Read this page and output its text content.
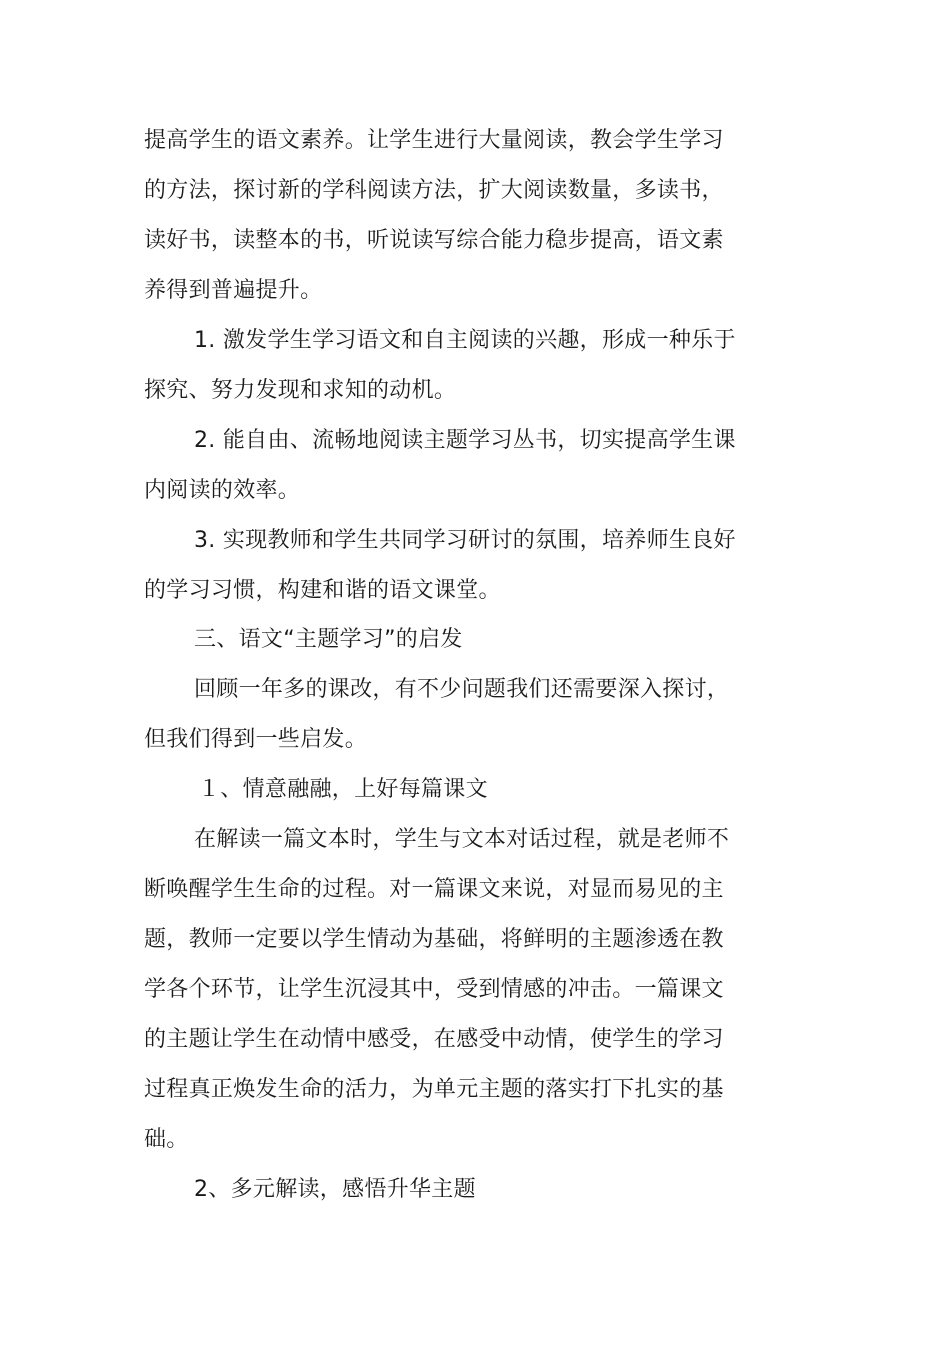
提高学生的语文素养。让学生进行大量阅读，教会学生学习
的方法，探讨新的学科阅读方法，扩大阅读数量，多读书，
读好书，读整本的书，听说读写综合能力稳步提高，语文素
养得到普遍提升。
1. 激发学生学习语文和自主阅读的兴趣，形成一种乐于
探究、努力发现和求知的动机。
2. 能自由、流畅地阅读主题学习丛书，切实提高学生课
内阅读的效率。
3. 实现教师和学生共同学习研讨的氛围，培养师生良好
的学习习惯，构建和谐的语文课堂。
三、语文“主题学习”的启发
回顾一年多的课改，有不少问题我们还需要深入探讨，
但我们得到一些启发。
１、情意融融，上好每篇课文
在解读一篇文本时，学生与文本对话过程，就是老师不
断唤醒学生生命的过程。对一篇课文来说，对显而易见的主
题，教师一定要以学生情动为基础，将鲜明的主题渗透在教
学各个环节，让学生沉浸其中，受到情感的冲击。一篇课文
的主题让学生在动情中感受，在感受中动情，使学生的学习
过程真正焕发生命的活力，为单元主题的落实打下扎实的基
础。
2、多元解读，感悟升华主题
